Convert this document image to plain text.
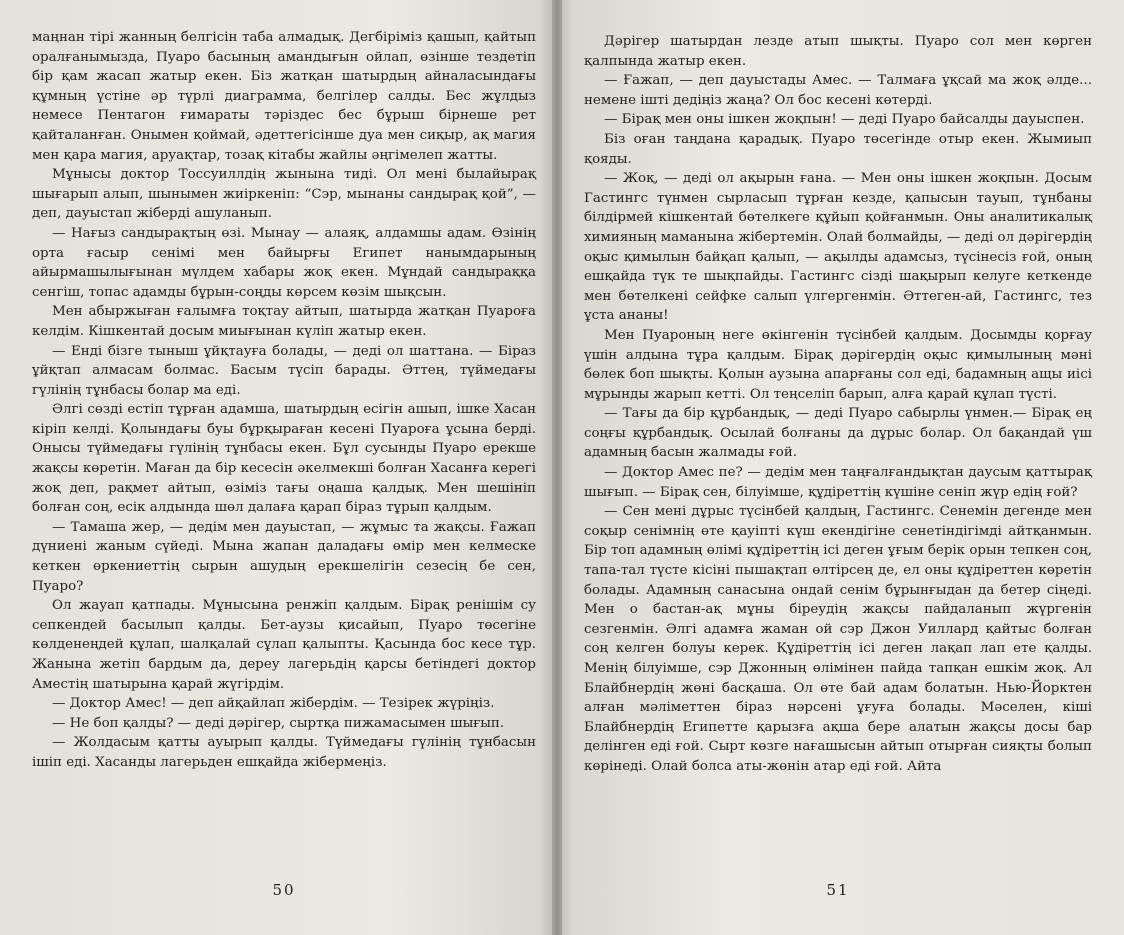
маңнан тірі жанның белгісін таба алмадық. Дегбіріміз қашып, қайтып оралғанымызда, Пуаро басының амандығын ойлап, өзінше тездетіп бір қам жасап жатыр екен. Біз жатқан шатырдың айналасындағы құмның үстіне әр түрлі диаграмма, белгілер салды. Бес жұлдыз немесе Пентагон ғимараты тәріздес бес бұрыш бірнеше рет қайталанған. Онымен қоймай, әдеттегісінше дуа мен сиқыр, ақ магия мен қара магия, аруақтар, тозақ кітабы жайлы әңгімелеп жатты.

Мұнысы доктор Тоссуиллдің жынына тиді. Ол мені былайырақ шығарып алып, шынымен жиіркеніп: “Сэр, мынаны сандырақ қой”, — деп, дауыстап жіберді ашуланып.

— Нағыз сандырақтың өзі. Мынау — алаяқ, алдамшы адам. Өзінің орта ғасыр сенімі мен байырғы Египет нанымдарының айырмашылығынан мүлдем хабары жоқ екен. Мұндай сандыраққа сенгіш, топас адамды бұрын-соңды көрсем көзім шықсын.

Мен абыржыған ғалымға тоқтау айтып, шатырда жатқан Пуароға келдім. Кішкентай досым миығынан күліп жатыр екен.

— Енді бізге тыныш ұйқтауға болады, — деді ол шаттана. — Біраз ұйқтап алмасам болмас. Басым түсіп барады. Әттең, түймедағы гүлінің тұнбасы болар ма еді.

Әлгі сөзді естіп тұрған адамша, шатырдың есігін ашып, ішке Хасан кіріп келді. Қолындағы буы бұрқыраған кесені Пуароға ұсына берді. Онысы түймедағы гүлінің тұнбасы екен. Бұл сусынды Пуаро ерекше жақсы көретін. Маған да бір кесесін әкелмекші болған Хасанға керегі жоқ деп, рақмет айтып, өзіміз тағы оңаша қалдық. Мен шешініп болған соң, есік алдында шөл далаға қарап біраз тұрып қалдым.

— Тамаша жер, — дедім мен дауыстап, — жұмыс та жақсы. Ғажап дүниені жаным сүйеді. Мына жапан даладағы өмір мен келмеске кеткен өркениеттің сырын ашудың ерекшелігін сезесің бе сен, Пуаро?

Ол жауап қатпады. Мұнысына ренжіп қалдым. Бірақ ренішім су сепкендей басылып қалды. Бет-аузы қисайып, Пуаро төсегіне көлденеңдей құлап, шалқалай сұлап қалыпты. Қасында бос кесе тұр. Жанына жетіп бардым да, дереу лагерьдің қарсы бетіндегі доктор Аместің шатырына қарай жүгірдім.

— Доктор Амес! — деп айқайлап жібердім. — Тезірек жүріңіз.

— Не боп қалды? — деді дәрігер, сыртқа пижамасымен шығып.

— Жолдасым қатты ауырып қалды. Түймедағы гүлінің тұнбасын ішіп еді. Хасанды лагерьден ешқайда жібермеңіз.

50

Дәрігер шатырдан лезде атып шықты. Пуаро сол мен көрген қалпында жатыр екен.

— Ғажап, — деп дауыстады Амес. — Талмаға ұқсай ма жоқ әлде... немене ішті дедіңіз жаңа? Ол бос кесені көтерді.

— Бірақ мен оны ішкен жоқпын! — деді Пуаро байсалды дауыспен.

Біз оған таңдана қарадық. Пуаро төсегінде отыр екен. Жымиып қояды.

— Жоқ, — деді ол ақырын ғана. — Мен оны ішкен жоқпын. Досым Гастингс түнмен сырласып тұрған кезде, қапысын тауып, тұнбаны білдірмей кішкентай бөтелкеге құйып қойғанмын. Оны аналитикалық химияның маманына жібертемін. Олай болмайды, — деді ол дәрігердің оқыс қимылын байқап қалып, — ақылды адамсыз, түсінесіз ғой, оның ешқайда түк те шықпайды. Гастингс сізді шақырып келуге кеткенде мен бөтелкені сейфке салып үлгергенмін. Әттеген-ай, Гастингс, тез ұста ананы!

Мен Пуароның неге өкінгенін түсінбей қалдым. Досымды қорғау үшін алдына тұра қалдым. Бірақ дәрігердің оқыс қимылының мәні бөлек боп шықты. Қолын аузына апарғаны сол еді, бадамның ащы иісі мұрынды жарып кетті. Ол теңселіп барып, алға қарай құлап түсті.

— Тағы да бір құрбандық, — деді Пуаро сабырлы үнмен.— Бірақ ең соңғы құрбандық. Осылай болғаны да дұрыс болар. Ол бақандай үш адамның басын жалмады ғой.

— Доктор Амес пе? — дедім мен таңғалғандықтан даусым қаттырақ шығып. — Бірақ сен, білуімше, құдіреттің күшіне сеніп жүр едің ғой?

— Сен мені дұрыс түсінбей қалдың, Гастингс. Сенемін дегенде мен соқыр сенімнің өте қауіпті күш екендігіне сенетіндігімді айтқанмын. Бір топ адамның өлімі құдіреттің ісі деген ұғым берік орын тепкен соң, тапа-тал түсте кісіні пышақтап өлтірсең де, ел оны құдіреттен көретін болады. Адамның санасына ондай сенім бұрынғыдан да бетер сіңеді. Мен о бастан-ақ мұны біреудің жақсы пайдаланып жүргенін сезгенмін. Әлгі адамға жаман ой сэр Джон Уиллард қайтыс болған соң келген болуы керек. Құдіреттің ісі деген лақап лап ете қалды. Менің білуімше, сэр Джонның өлімінен пайда тапқан ешкім жоқ. Ал Блайбнердің жөні басқаша. Ол өте бай адам болатын. Нью-Йорктен алған мәліметтен біраз нәрсені ұғуға болады. Мәселен, кіші Блайбнердің Египетте қарызға ақша бере алатын жақсы досы бар делінген еді ғой. Сырт көзге нағашысын айтып отырған сияқты болып көрінеді. Олай болса аты-жөнін атар еді ғой. Айта

51
